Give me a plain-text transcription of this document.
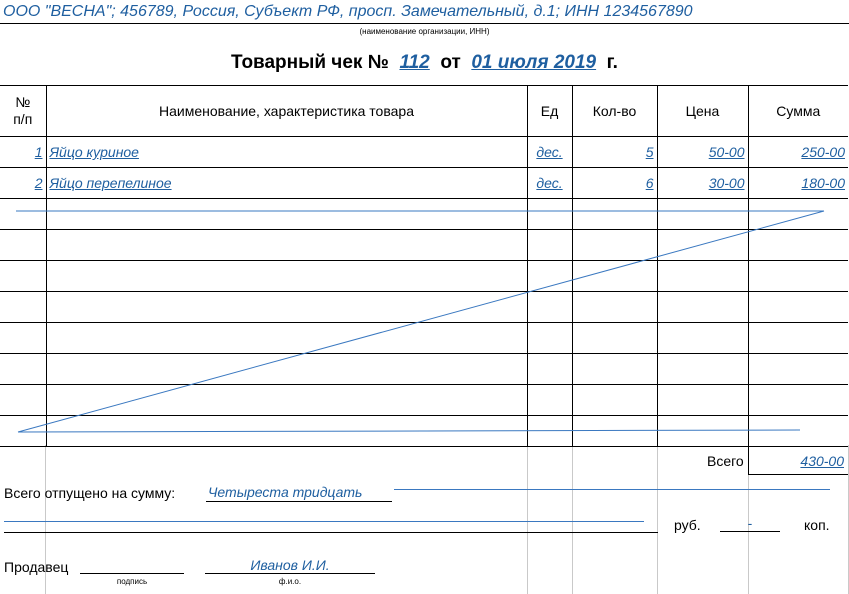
ООО "ВЕСНА"; 456789, Россия, Субъект РФ, просп. Замечательный, д.1; ИНН 1234567890
(наименование организации, ИНН)
Товарный чек № 112 от 01 июля 2019 г.
№
п/п	Наименование, характеристика товара	Ед	Кол-во	Цена	Сумма
1	Яйцо куриное	дес.	5	50-00	250-00
2	Яйцо перепелиное	дес.	6	30-00	180-00

Всего	430-00
Всего отпущено на сумму: Четыреста тридцать
руб.	-	коп.
Продавец
подпись
Иванов И.И.
ф.и.о.
